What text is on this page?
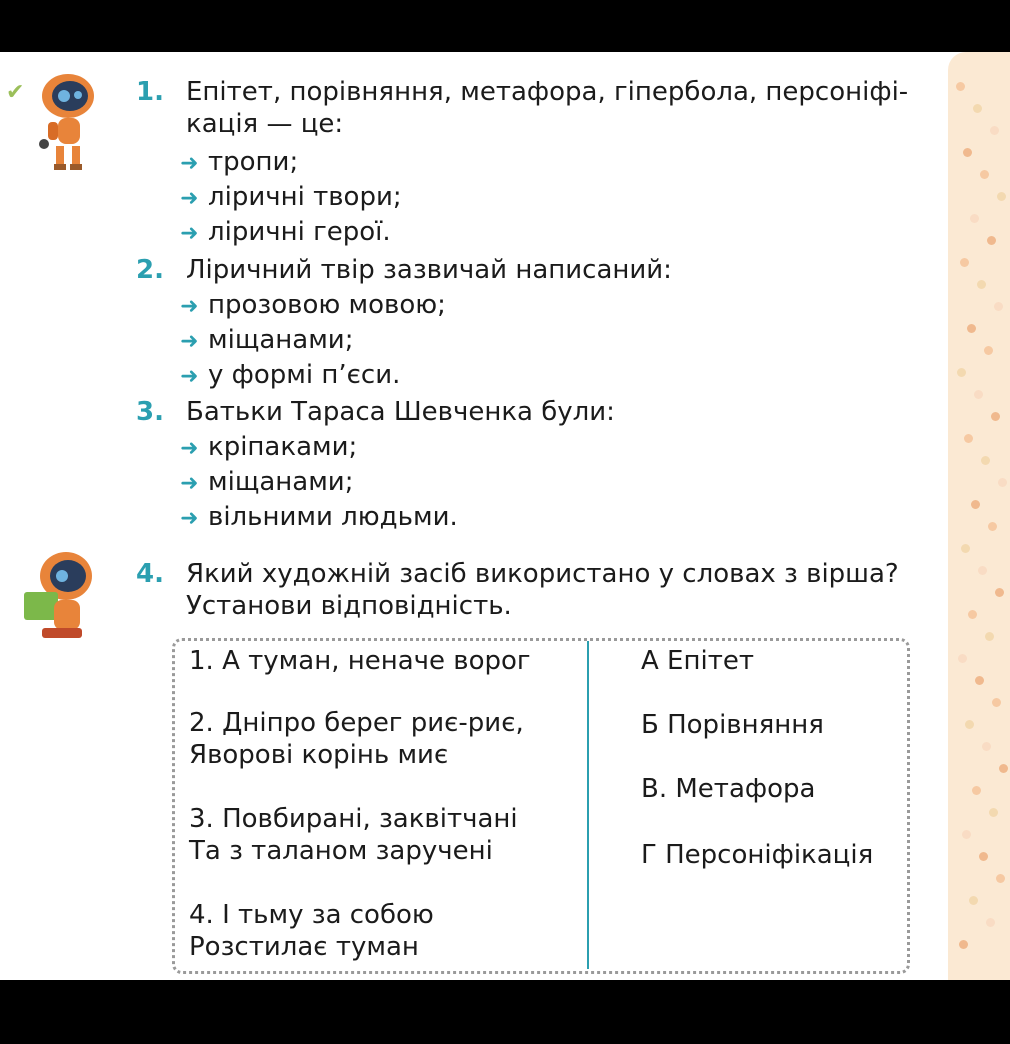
✔	1. Епітет, порівняння, метафора, гіпербола, персоніфі-
кація — це:
➜ тропи;
➜ ліричні твори;
➜ ліричні герої.
2. Ліричний твір зазвичай написаний:
➜ прозовою мовою;
➜ міщанами;
➜ у формі п’єси.
3. Батьки Тараса Шевченка були:
➜ кріпаками;
➜ міщанами;
➜ вільними людьми.
4. Який художній засіб використано у словах з вірша?
Установи відповідність.
1. А туман, неначе ворог
2. Дніпро берег риє-риє,
Яворові корінь миє
3. Повбирані, заквітчані
Та з таланом заручені
4. І тьму за собою
Розстилає туман
А Епітет
Б Порівняння
В. Метафора
Г Персоніфікація
